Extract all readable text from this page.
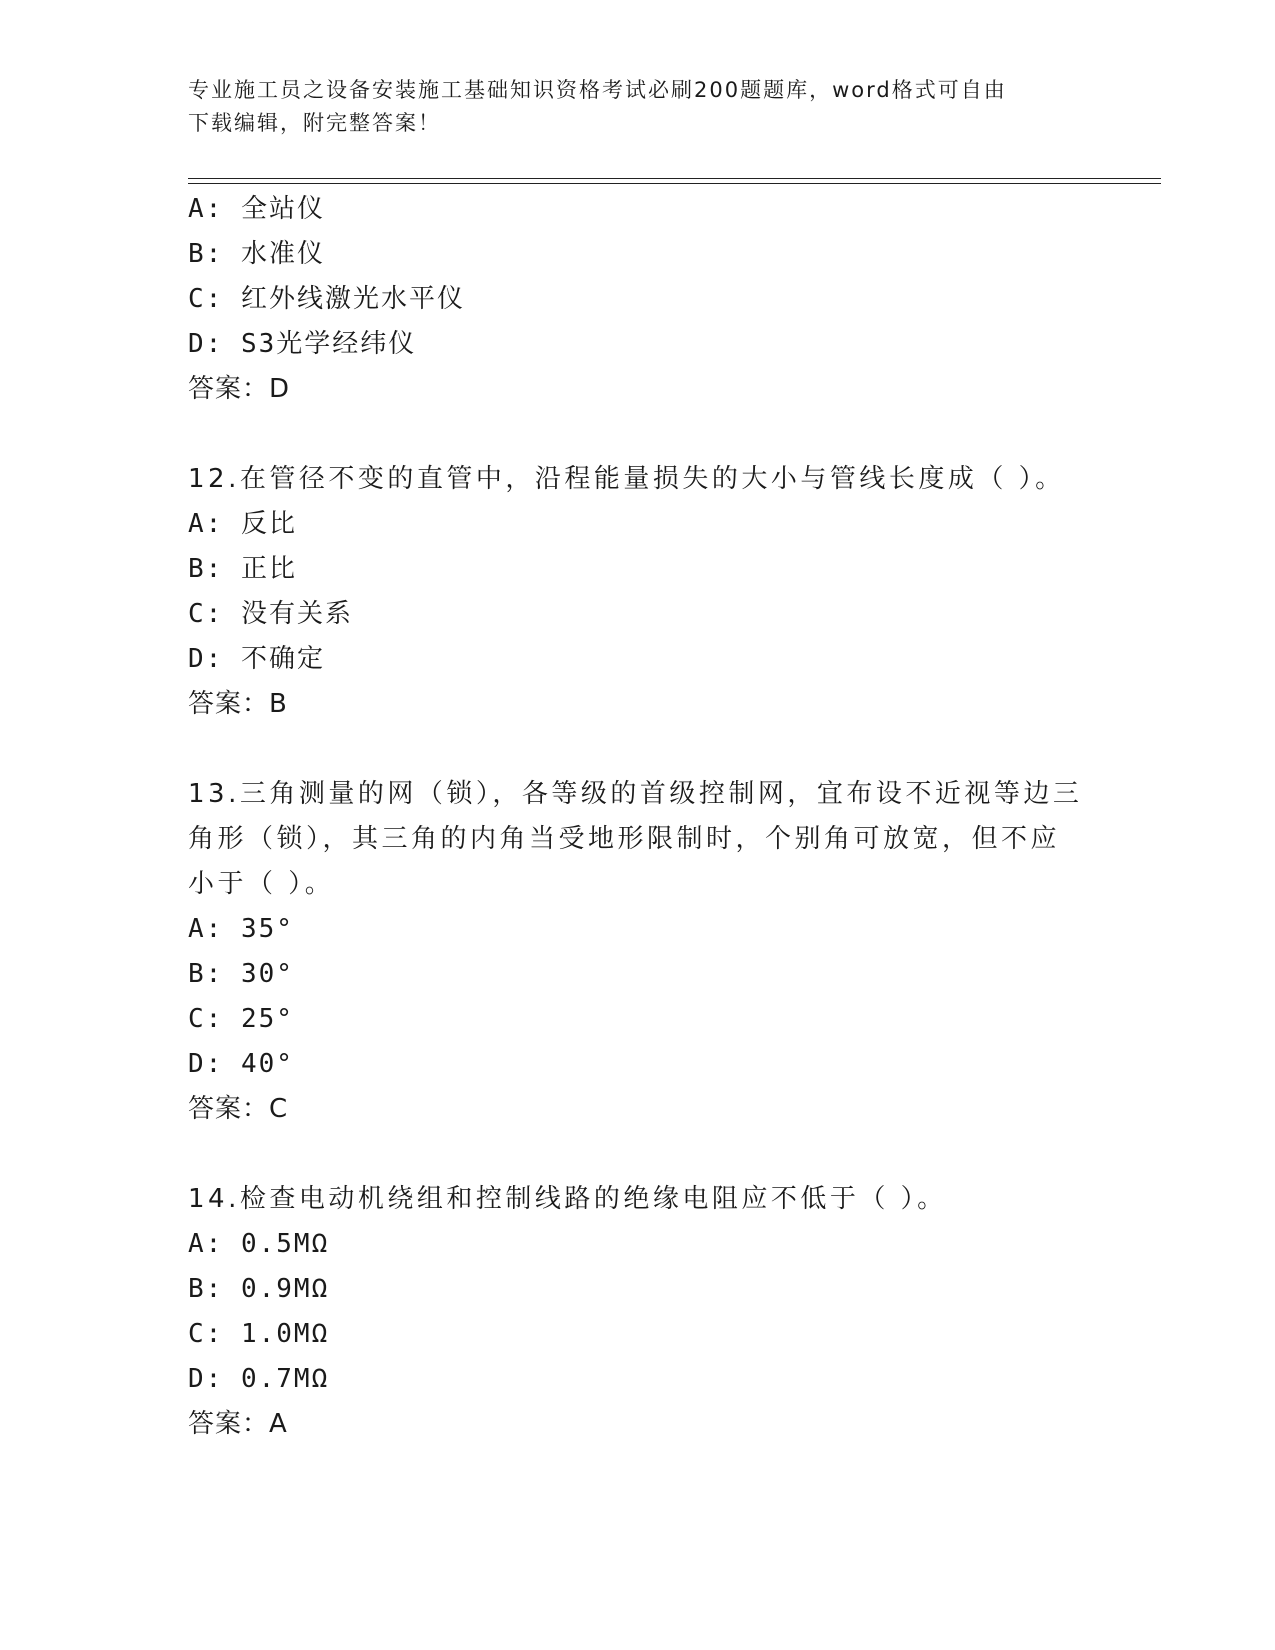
专业施工员之设备安装施工基础知识资格考试必刷200题题库，word格式可自由
下载编辑，附完整答案！
A: 全站仪
B: 水准仪
C: 红外线激光水平仪
D: S3光学经纬仪
答案：D
12.在管径不变的直管中，沿程能量损失的大小与管线长度成（ ）。
A: 反比
B: 正比
C: 没有关系
D: 不确定
答案：B
13.三角测量的网（锁），各等级的首级控制网，宜布设不近视等边三
角形（锁），其三角的内角当受地形限制时，个别角可放宽，但不应
小于（ ）。
A: 35°
B: 30°
C: 25°
D: 40°
答案：C
14.检查电动机绕组和控制线路的绝缘电阻应不低于（ ）。
A: 0.5MΩ
B: 0.9MΩ
C: 1.0MΩ
D: 0.7MΩ
答案：A
